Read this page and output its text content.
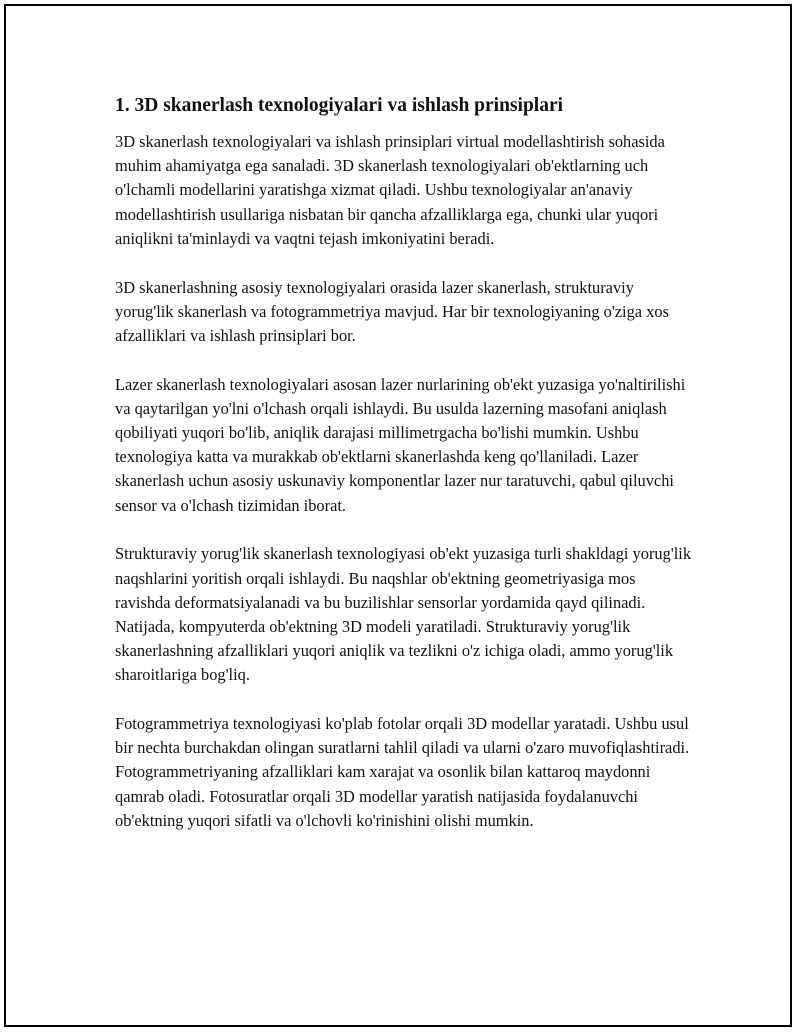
1. 3D skanerlash texnologiyalari va ishlash prinsiplari

3D skanerlash texnologiyalari va ishlash prinsiplari virtual modellashtirish sohasida muhim ahamiyatga ega sanaladi. 3D skanerlash texnologiyalari ob'ektlarning uch o'lchamli modellarini yaratishga xizmat qiladi. Ushbu texnologiyalar an'anaviy modellashtirish usullariga nisbatan bir qancha afzalliklarga ega, chunki ular yuqori aniqlikni ta'minlaydi va vaqtni tejash imkoniyatini beradi.

3D skanerlashning asosiy texnologiyalari orasida lazer skanerlash, strukturaviy yorug'lik skanerlash va fotogrammetriya mavjud. Har bir texnologiyaning o'ziga xos afzalliklari va ishlash prinsiplari bor.

Lazer skanerlash texnologiyalari asosan lazer nurlarining ob'ekt yuzasiga yo'naltirilishi va qaytarilgan yo'lni o'lchash orqali ishlaydi. Bu usulda lazerning masofani aniqlash qobiliyati yuqori bo'lib, aniqlik darajasi millimetrgacha bo'lishi mumkin. Ushbu texnologiya katta va murakkab ob'ektlarni skanerlashda keng qo'llaniladi. Lazer skanerlash uchun asosiy uskunaviy komponentlar lazer nur taratuvchi, qabul qiluvchi sensor va o'lchash tizimidan iborat.

Strukturaviy yorug'lik skanerlash texnologiyasi ob'ekt yuzasiga turli shakldagi yorug'lik naqshlarini yoritish orqali ishlaydi. Bu naqshlar ob'ektning geometriyasiga mos ravishda deformatsiyalanadi va bu buzilishlar sensorlar yordamida qayd qilinadi. Natijada, kompyuterda ob'ektning 3D modeli yaratiladi. Strukturaviy yorug'lik skanerlashning afzalliklari yuqori aniqlik va tezlikni o'z ichiga oladi, ammo yorug'lik sharoitlariga bog'liq.

Fotogrammetriya texnologiyasi ko'plab fotolar orqali 3D modellar yaratadi. Ushbu usul bir nechta burchakdan olingan suratlarni tahlil qiladi va ularni o'zaro muvofiqlashtiradi. Fotogrammetriyaning afzalliklari kam xarajat va osonlik bilan kattaroq maydonni qamrab oladi. Fotosuratlar orqali 3D modellar yaratish natijasida foydalanuvchi ob'ektning yuqori sifatli va o'lchovli ko'rinishini olishi mumkin.
